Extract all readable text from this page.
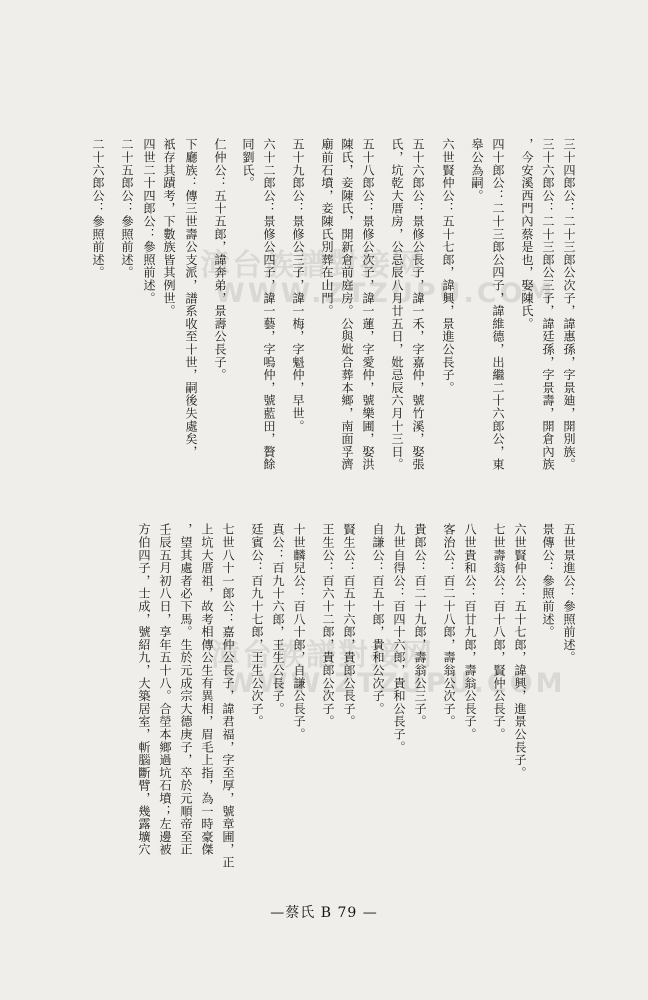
三十四郎公：二十三郎公次子，諱惠孫，字景廸，開別族。
三十六郎公：二十三郎公三子，諱廷孫，字景壽，開倉內族
，今安溪西門內蔡是也，娶陳氏。
四十郎公：二十三郎公四子，諱維德，出繼二十六郎公，東
皋公為嗣。
六世賢仲公：五十七郎，諱興，景進公長子。
五十六郎公：景修公長子，諱一禾，字嘉仲，號竹溪，娶張
氏，坑乾大厝房，公忌辰八月廿五日，妣忌辰六月十三日。
五十八郎公：景修公次子，諱一蓮，字愛仲，號樂圃，娶洪
陳氏，妾陳氏，開新倉前庭房。公與妣合葬本鄉，南面孚濟
廟前石墳，妾陳氏別葬在山門。
五十九郎公：景修公三子，諱一梅，字魁仲，早世。
六十二郎公：景修公四子，諱一藝，字嗚仲，號藍田，贅餘
同劉氏。
仁仲公：五十五郎，諱奔弟，景壽公長子。
下廳族：傳三世壽公支派，譜系收至十世，嗣後失處矣，
祇存其蹟考，下數族皆其例世。
四世二十四郎公：參照前述。
二十五郎公：參照前述。
二十六郎公：參照前述。
五世景進公：參照前述。
景傳公：參照前述。
六世賢仲公：五十七郎，諱興，進景公長子。
七世壽翁公：百十八郎，賢仲公長子。
八世貴和公：百廿九郎，壽翁公長子。
客治公：百二十八郎，壽翁公次子。
貴郎公：百二十九郎，壽翁公三子。
九世自得公：百四十六郎，貴和公長子。
自謙公：百五十郎，貴和公次子。
賢生公：百五十六郎，貴郎公長子。
王生公：百六十二郎，貴郎公次子。
十世麟兒公：百八十郎，自謙公長子。
真公：百九十六郎，王生公長子。
廷賓公：百九十七郎，王生公次子。
七世八十一郎公：嘉仲公長子，諱君福，字至厚，號章圃，正
上坑大厝祖，故考相傳公生有異相，眉毛上指，為一時豪傑
，望其處者必下馬。生於元成宗大德庚子，卒於元順帝至正
壬辰五月初八日，享年五十八。合塋本鄉過坑石墳；左邊被
方伯四子，士成，號紹九，大築居室，斬腦斷臂，幾露壙穴
漳台族譜對接网
WWW.ZTZUPU.COM
漳台族譜對接网
WWW.ZTZUPU.COM
—蔡氏 B 79 —
